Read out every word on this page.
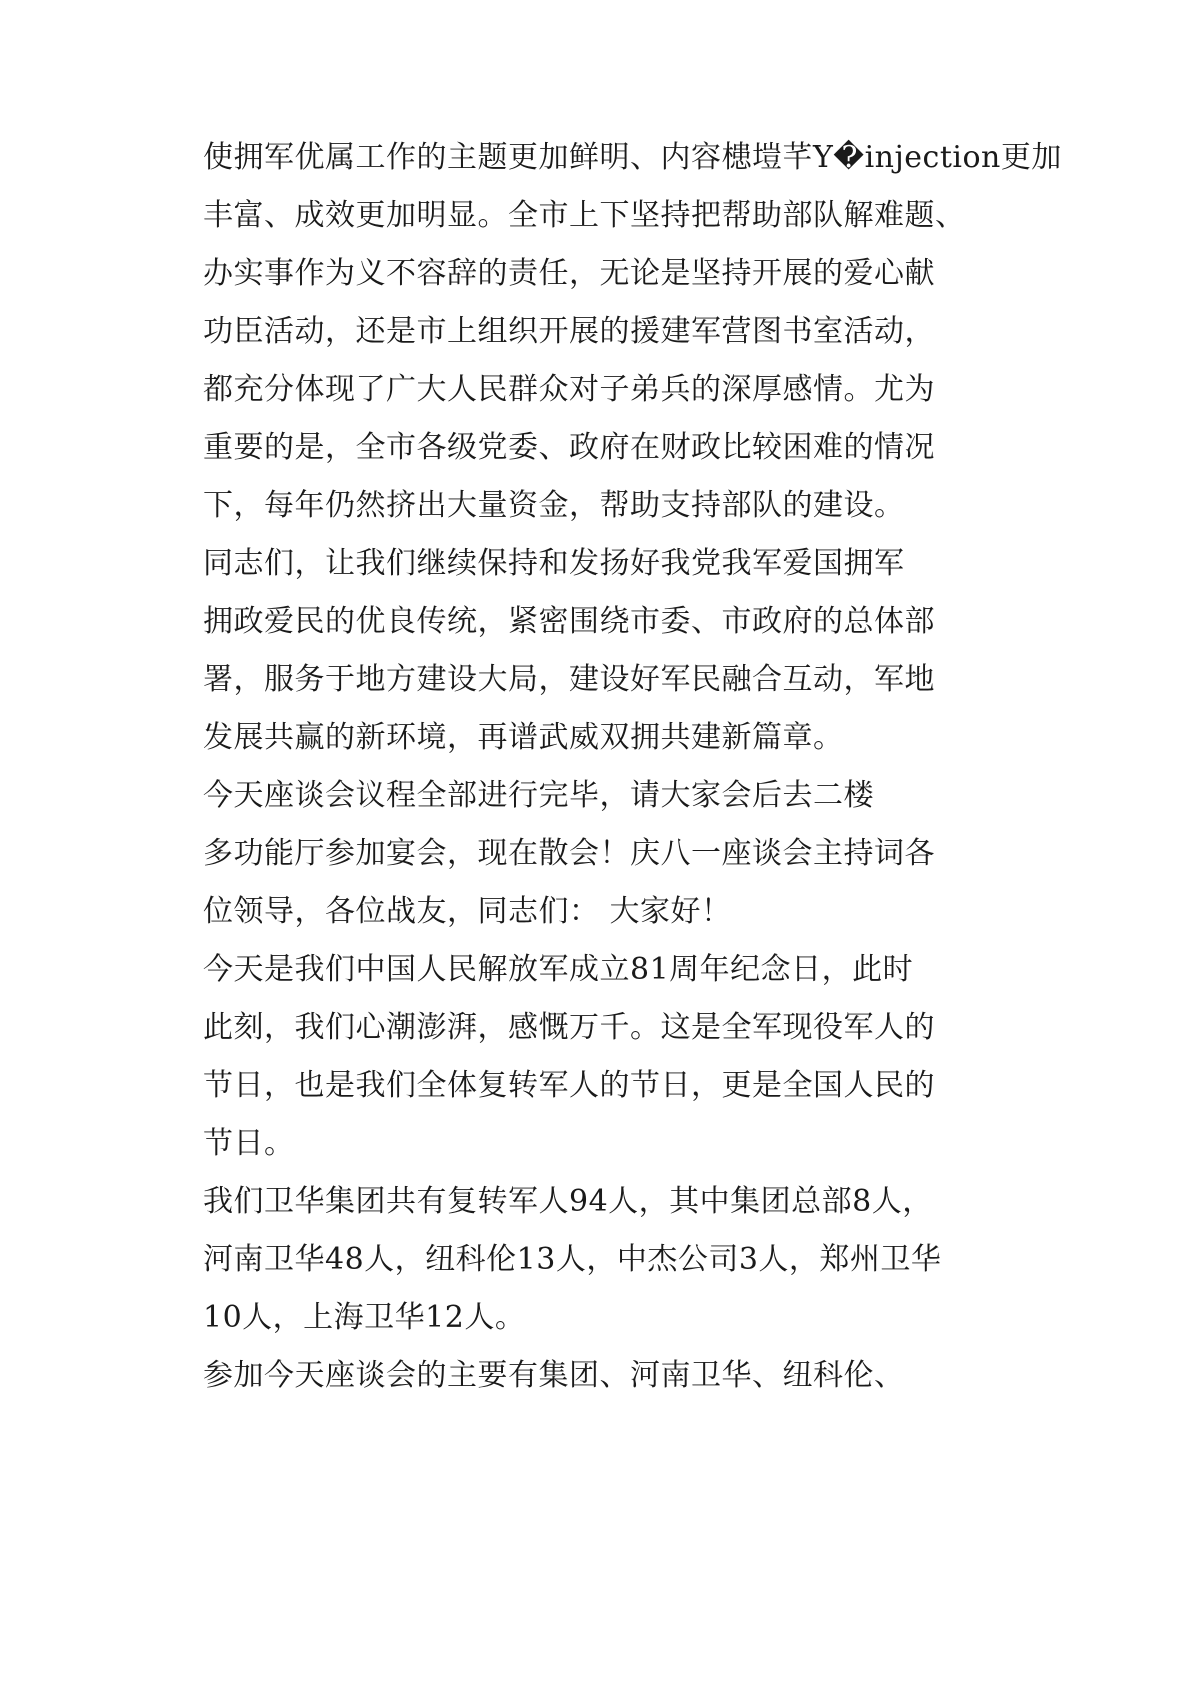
使拥军优属工作的主题更加鲜明、内容槵塏芊Y�injection更加
丰富、成效更加明显。全市上下坚持把帮助部队解难题、
办实事作为义不容辞的责任，无论是坚持开展的爱心献
功臣活动，还是市上组织开展的援建军营图书室活动，
都充分体现了广大人民群众对子弟兵的深厚感情。尤为
重要的是，全市各级党委、政府在财政比较困难的情况
下，每年仍然挤出大量资金，帮助支持部队的建设。
同志们，让我们继续保持和发扬好我党我军爱国拥军
拥政爱民的优良传统，紧密围绕市委、市政府的总体部
署，服务于地方建设大局，建设好军民融合互动，军地
发展共赢的新环境，再谱武威双拥共建新篇章。
今天座谈会议程全部进行完毕，请大家会后去二楼
多功能厅参加宴会，现在散会！庆八一座谈会主持词各
位领导，各位战友，同志们： 大家好！
今天是我们中国人民解放军成立81周年纪念日，此时
此刻，我们心潮澎湃，感慨万千。这是全军现役军人的
节日，也是我们全体复转军人的节日，更是全国人民的
节日。
我们卫华集团共有复转军人94人，其中集团总部8人，
河南卫华48人，纽科伦13人，中杰公司3人，郑州卫华
10人，上海卫华12人。
参加今天座谈会的主要有集团、河南卫华、纽科伦、
